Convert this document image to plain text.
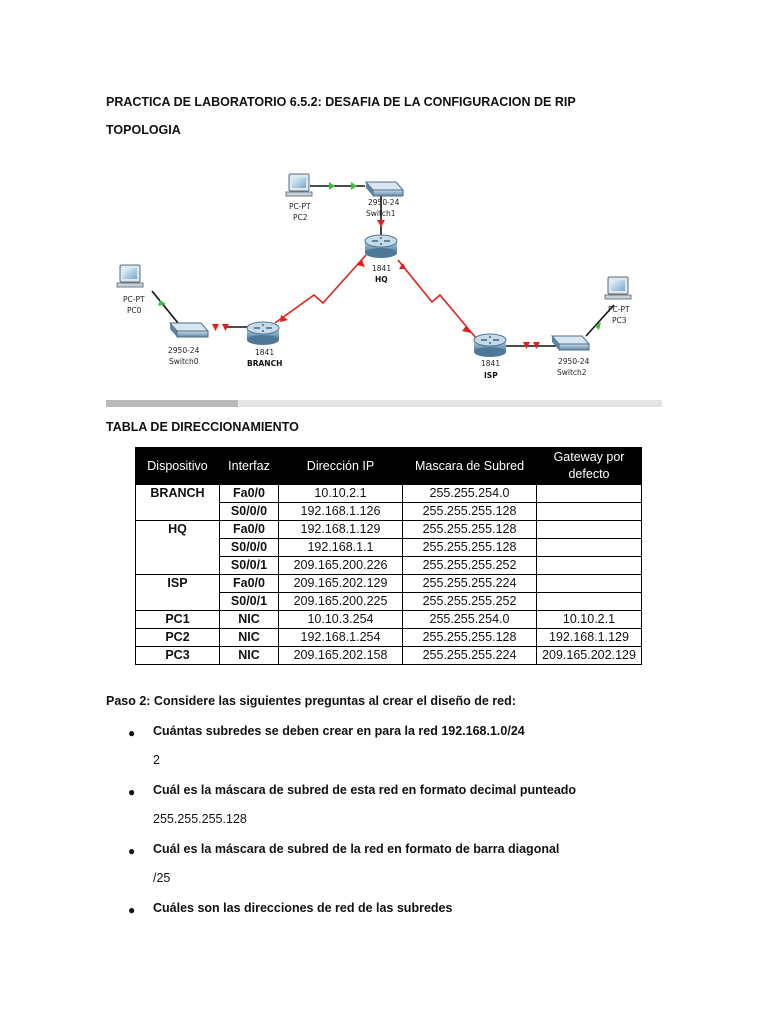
PRACTICA DE LABORATORIO 6.5.2: DESAFIA DE LA CONFIGURACION DE RIP
TOPOLOGIA
PC-PT
PC2
2950-24
Switch1
1841
HQ
PC-PT
PC0
2950-24
Switch0
1841
BRANCH	1841
ISP
2950-24
Switch2
PC-PT
PC3
TABLA DE DIRECCIONAMIENTO
Dispositivo	Interfaz	Dirección IP	Mascara de Subred	Gateway por defecto
BRANCH	Fa0/0	10.10.2.1	255.255.254.0	
	S0/0/0	192.168.1.126	255.255.255.128	
HQ	Fa0/0	192.168.1.129	255.255.255.128	
	S0/0/0	192.168.1.1	255.255.255.128	
	S0/0/1	209.165.200.226	255.255.255.252	
ISP	Fa0/0	209.165.202.129	255.255.255.224	
	S0/0/1	209.165.200.225	255.255.255.252	
PC1	NIC	10.10.3.254	255.255.254.0	10.10.2.1
PC2	NIC	192.168.1.254	255.255.255.128	192.168.1.129
PC3	NIC	209.165.202.158	255.255.255.224	209.165.202.129
Paso 2: Considere las siguientes preguntas al crear el diseño de red:
● Cuántas subredes se deben crear en para la red 192.168.1.0/24
2
● Cuál es la máscara de subred de esta red en formato decimal punteado
255.255.255.128
● Cuál es la máscara de subred de la red en formato de barra diagonal
/25
● Cuáles son las direcciones de red de las subredes
